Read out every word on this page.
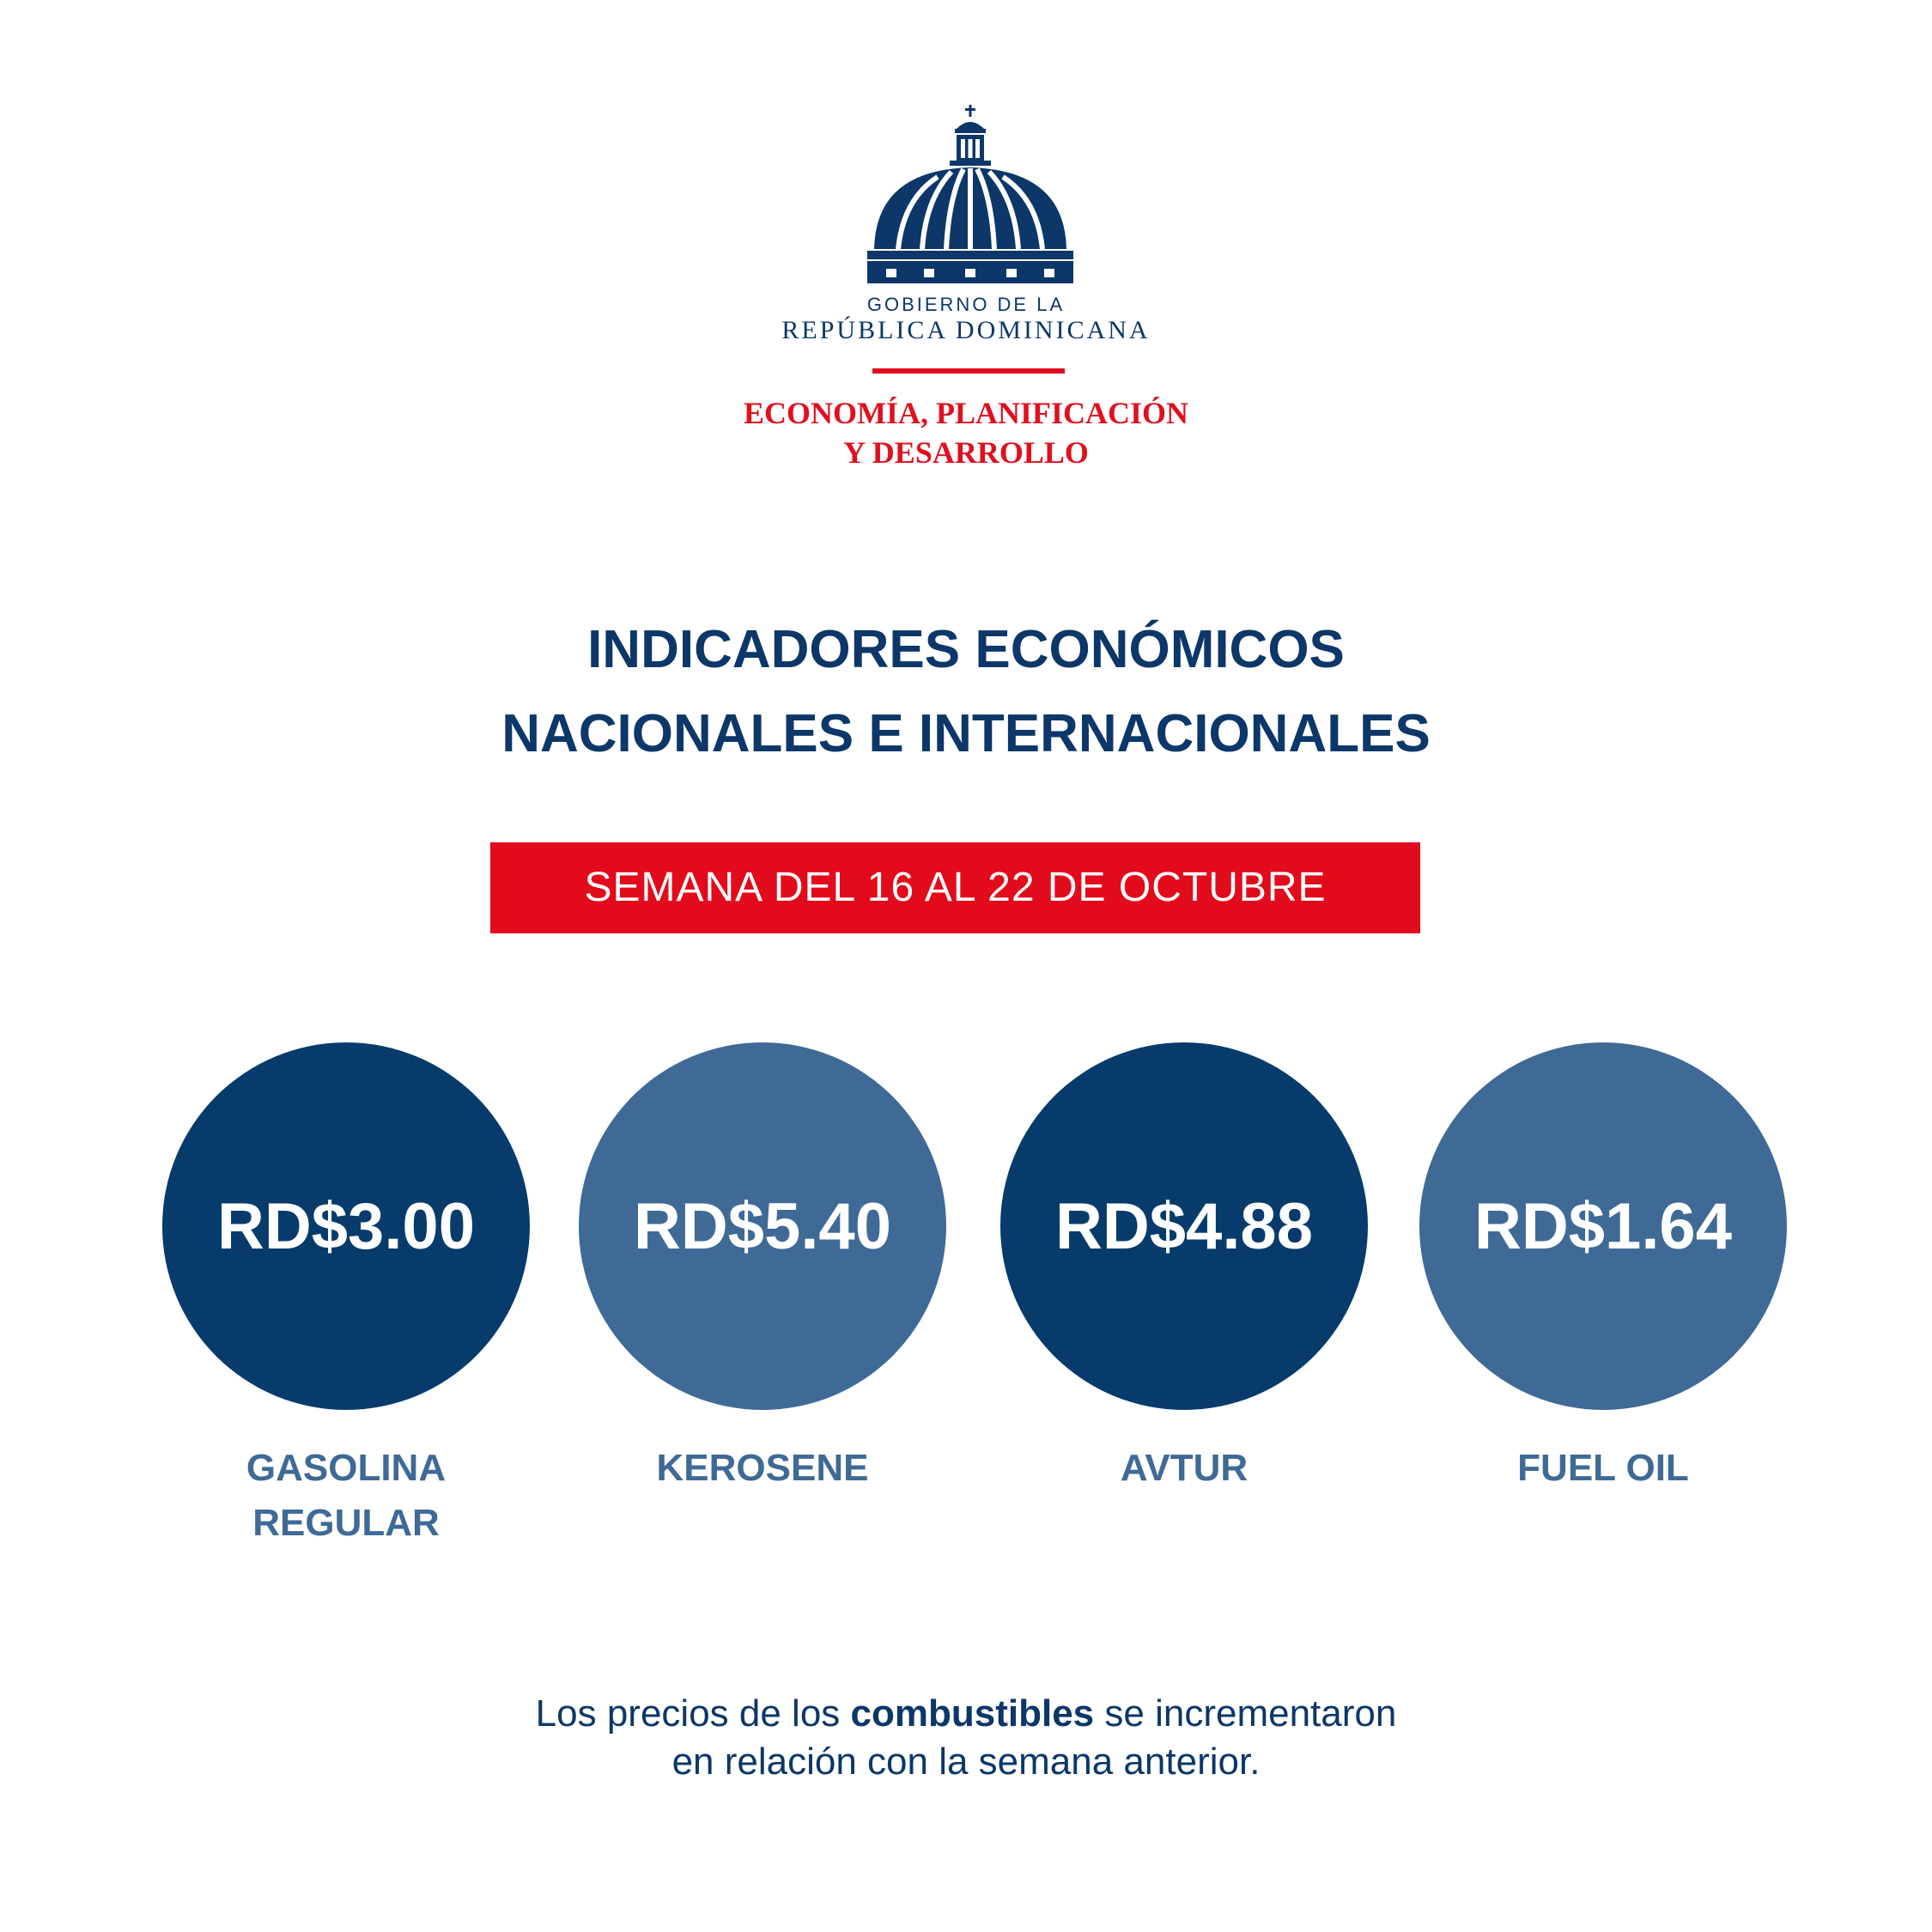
GOBIERNO DE LA
REPÚBLICA DOMINICANA
ECONOMÍA, PLANIFICACIÓN
Y DESARROLLO
INDICADORES ECONÓMICOS
NACIONALES E INTERNACIONALES
SEMANA DEL 16 AL 22 DE OCTUBRE
RD$3.00	RD$5.40	RD$4.88	RD$1.64
GASOLINA
REGULAR
KEROSENE	AVTUR	FUEL OIL
Los precios de los combustibles se incrementaron
en relación con la semana anterior.
